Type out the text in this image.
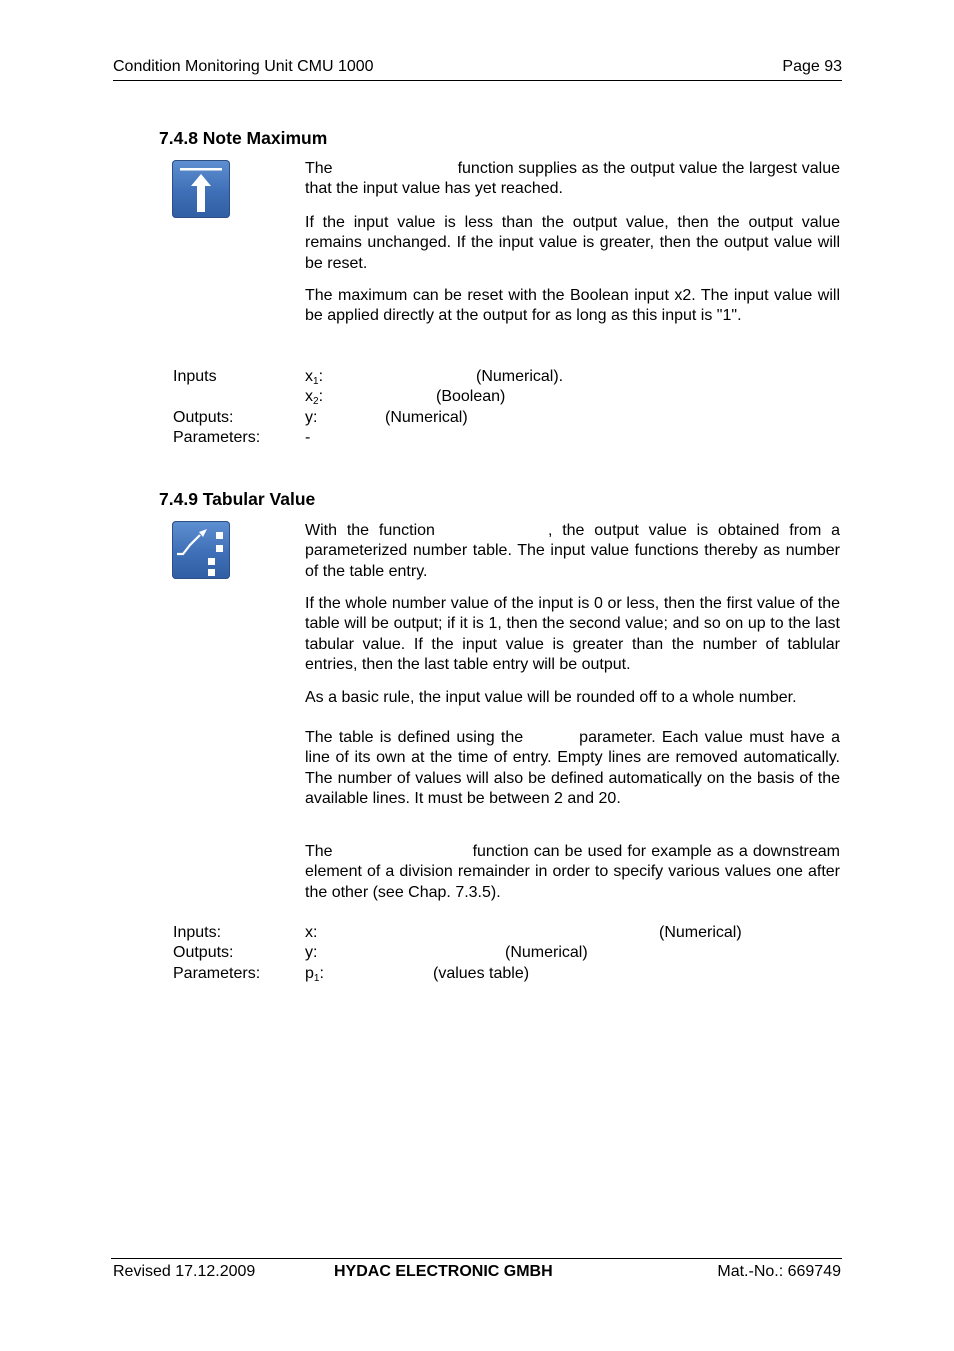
Condition Monitoring Unit CMU 1000	Page 93
7.4.8 Note Maximum
The	function supplies as the output value the largest value that the input value has yet reached.
If the input value is less than the output value, then the output value remains unchanged. If the input value is greater, then the output value will be reset.
The maximum can be reset with the Boolean input x2. The input value will be applied directly at the output for as long as this input is "1".
Inputs	$x_1$:	(Numerical).
$x_2$:	(Boolean)
Outputs:	y:	(Numerical)
Parameters:	-
7.4.9 Tabular Value
With the function	, the output value is obtained from a parameterized number table. The input value functions thereby as number of the table entry.
If the whole number value of the input is 0 or less, then the first value of the table will be output; if it is 1, then the second value; and so on up to the last tabular value. If the input value is greater than the number of tablular entries, then the last table entry will be output.
As a basic rule, the input value will be rounded off to a whole number.
The table is defined using the	parameter. Each value must have a line of its own at the time of entry. Empty lines are removed automatically. The number of values will also be defined automatically on the basis of the available lines. It must be between 2 and 20.
The	function can be used for example as a downstream element of a division remainder in order to specify various values one after the other (see Chap. 7.3.5).
Inputs:	x:	(Numerical)
Outputs:	y:	(Numerical)
Parameters:	$p_1$:	(values table)
Revised 17.12.2009	HYDAC ELECTRONIC GMBH	Mat.-No.: 669749
